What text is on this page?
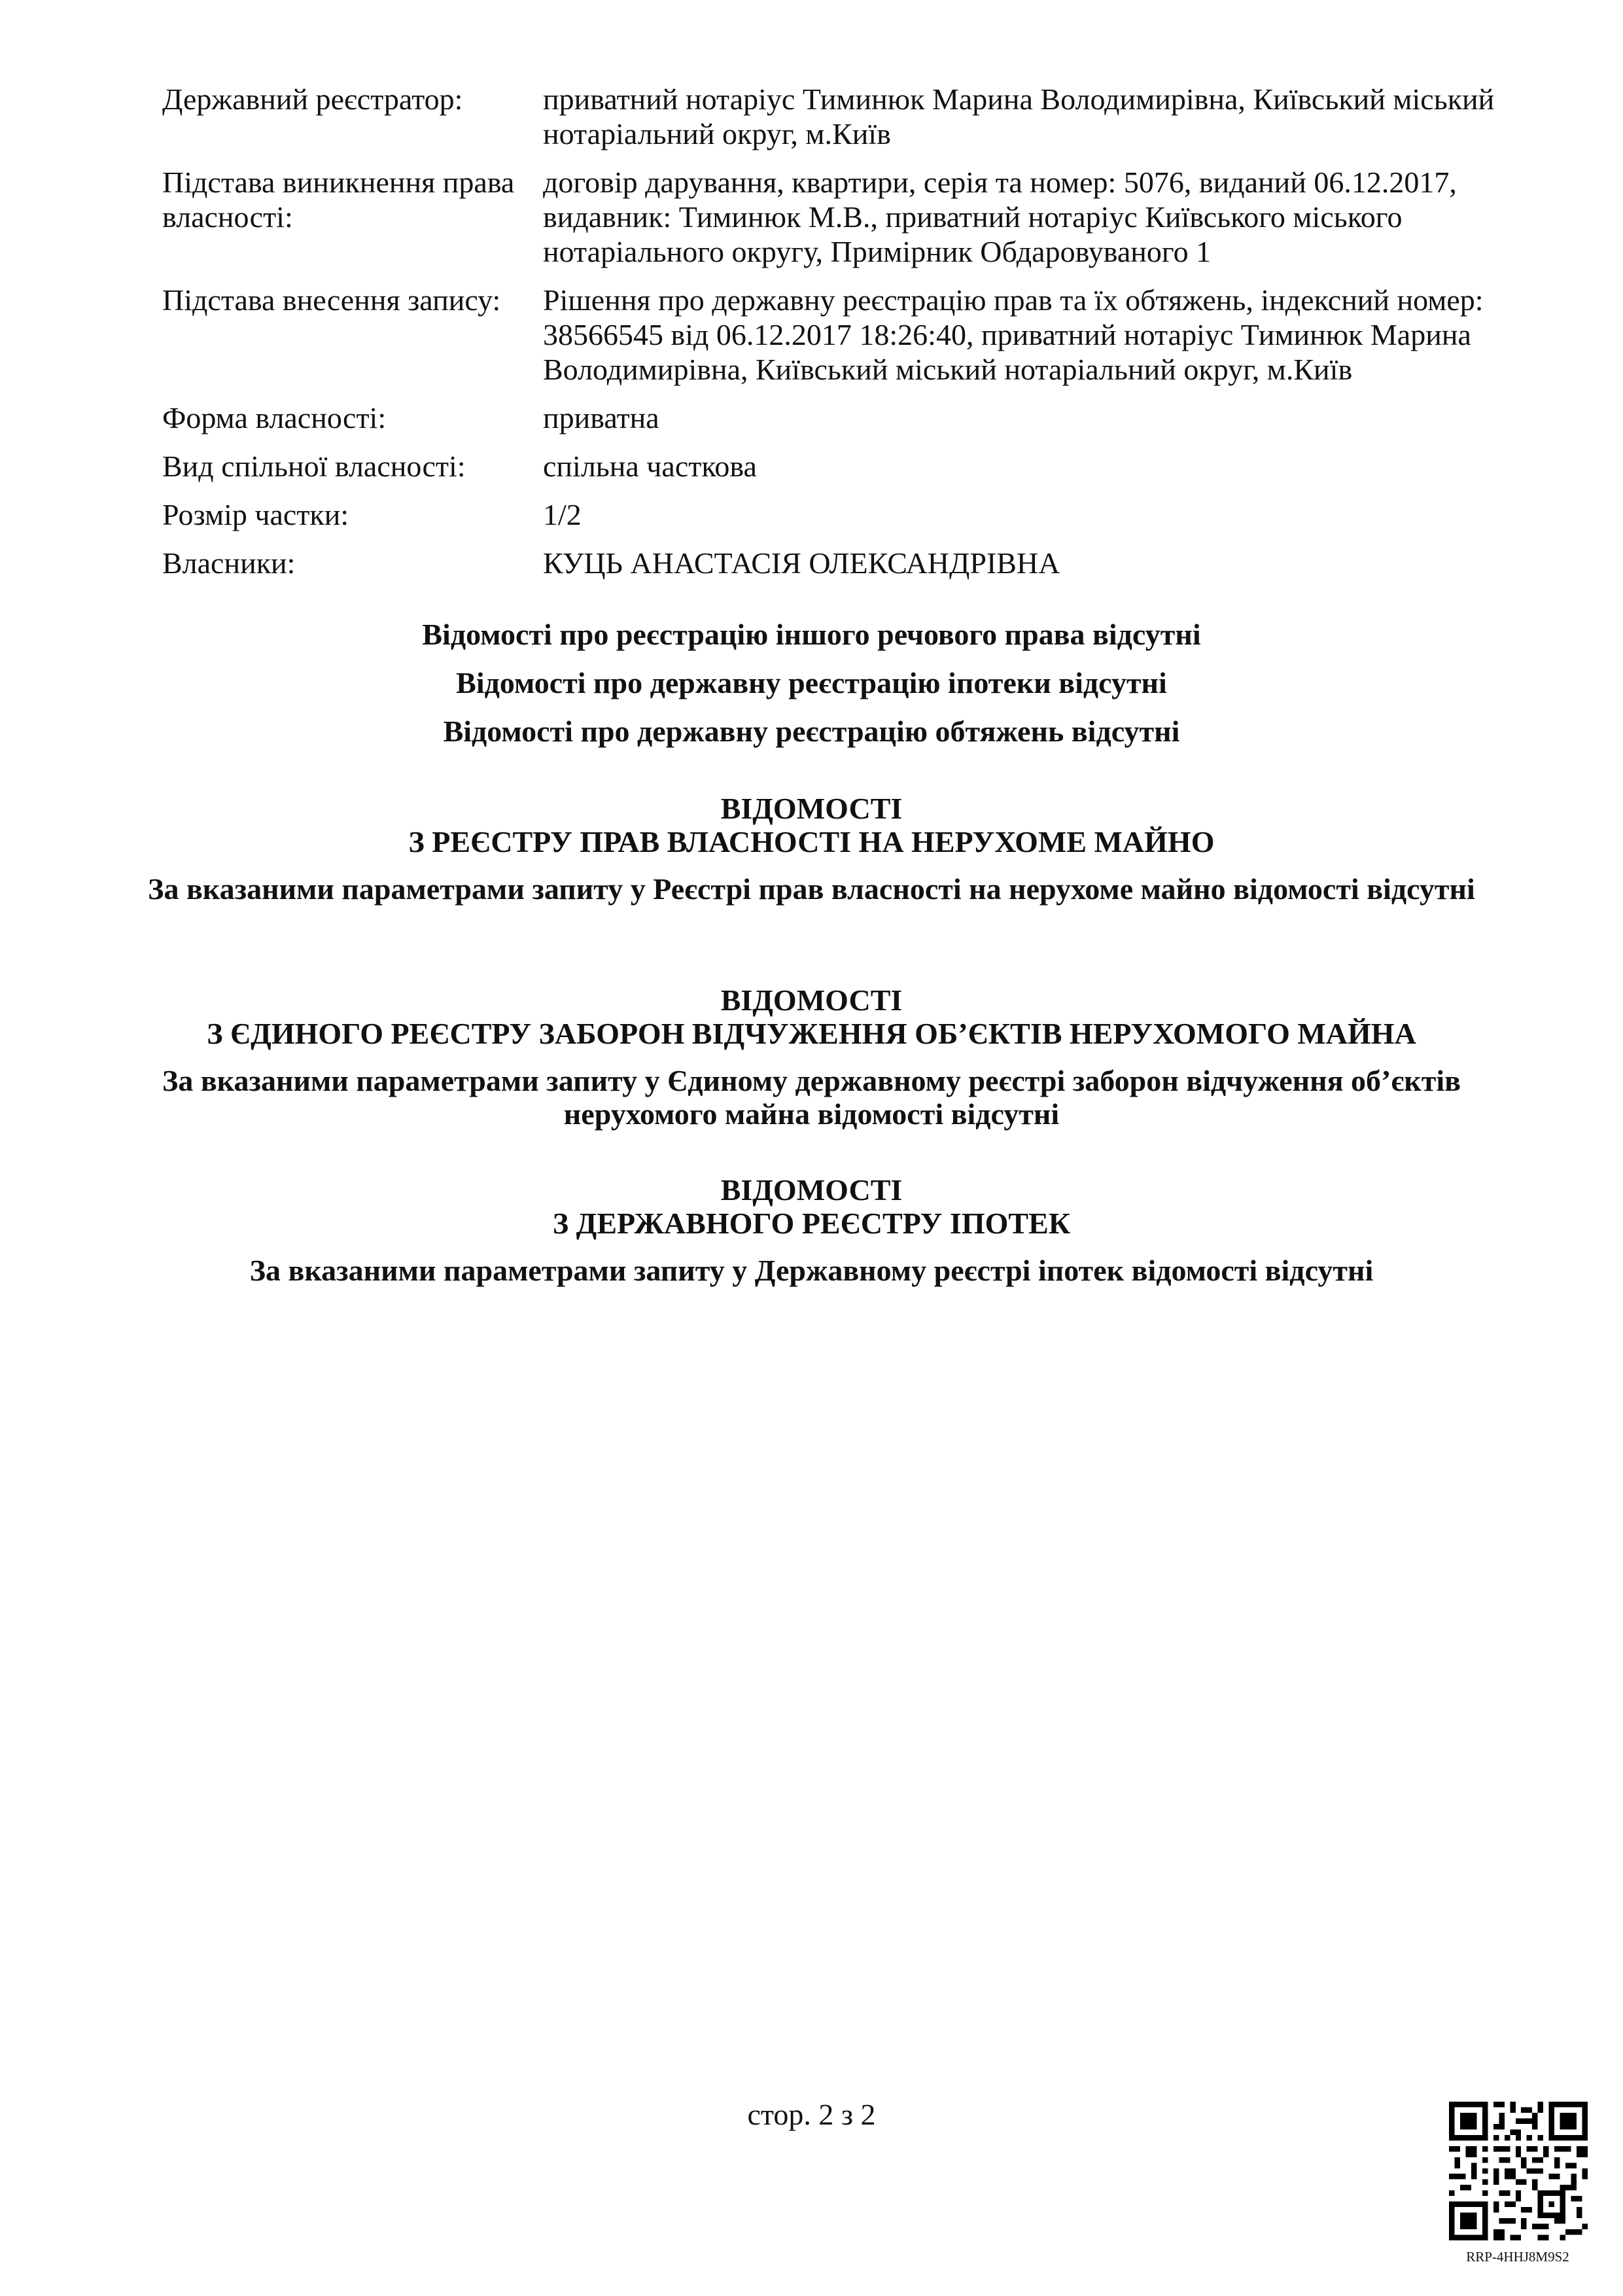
Державний реєстратор:	приватний нотаріус Тиминюк Марина Володимирівна, Київський міський нотаріальний округ, м.Київ
Підстава виникнення права власності:
договір дарування, квартири, серія та номер: 5076, виданий 06.12.2017, видавник: Тиминюк М.В., приватний нотаріус Київського міського нотаріального округу, Примірник Обдаровуваного 1
Підстава внесення запису:	Рішення про державну реєстрацію прав та їх обтяжень, індексний номер: 38566545 від 06.12.2017 18:26:40, приватний нотаріус Тиминюк Марина Володимирівна, Київський міський нотаріальний округ, м.Київ
Форма власності:	приватна
Вид спільної власності:	спільна часткова
Розмір частки:	1/2
Власники:	КУЦЬ АНАСТАСІЯ ОЛЕКСАНДРІВНА
Відомості про реєстрацію іншого речового права відсутні
Відомості про державну реєстрацію іпотеки відсутні
Відомості про державну реєстрацію обтяжень відсутні
ВІДОМОСТІ
З РЕЄСТРУ ПРАВ ВЛАСНОСТІ НА НЕРУХОМЕ МАЙНО
За вказаними параметрами запиту у Реєстрі прав власності на нерухоме майно відомості відсутні
ВІДОМОСТІ
З ЄДИНОГО РЕЄСТРУ ЗАБОРОН ВІДЧУЖЕННЯ ОБ’ЄКТІВ НЕРУХОМОГО МАЙНА
За вказаними параметрами запиту у Єдиному державному реєстрі заборон відчуження об’єктів нерухомого майна відомості відсутні
ВІДОМОСТІ
З ДЕРЖАВНОГО РЕЄСТРУ ІПОТЕК
За вказаними параметрами запиту у Державному реєстрі іпотек відомості відсутні
стор. 2 з 2
RRP-4HHJ8M9S2
